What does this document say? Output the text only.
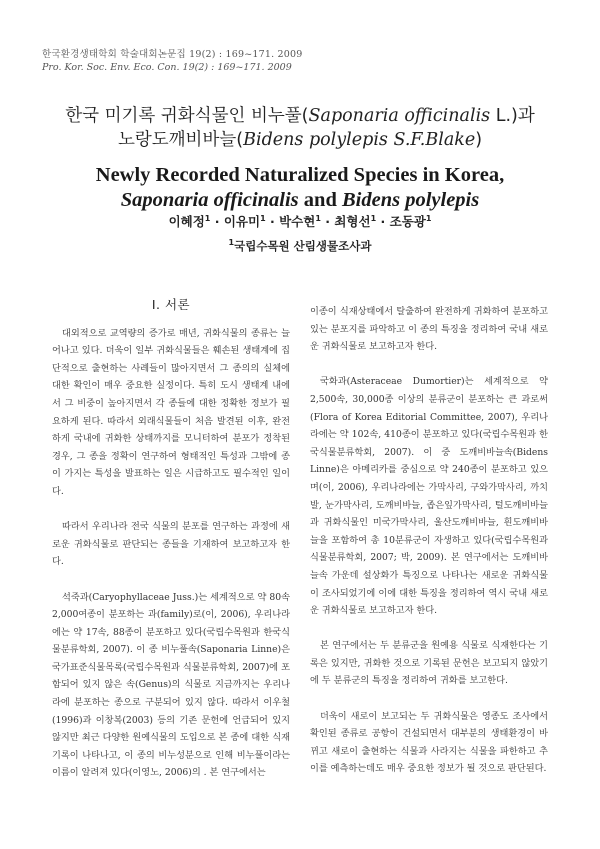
한국환경생태학회 학술대회논문집 19(2) : 169~171. 2009
Pro. Kor. Soc. Env. Eco. Con. 19(2) : 169~171. 2009
한국 미기록 귀화식물인 비누풀(Saponaria officinalis L.)과
노랑도깨비바늘(Bidens polylepis S.F.Blake)
Newly Recorded Naturalized Species in Korea,
Saponaria officinalis and Bidens polylepis
이혜정$^1$ · 이유미$^1$ · 박수현$^1$ · 최형선$^1$ · 조동광$^1$
$^1$국립수목원 산림생물조사과
Ⅰ. 서론

대외적으로 교역량의 증가로 매년, 귀화식물의 종류는 늘어나고 있다. 더욱이 일부 귀화식물들은 훼손된 생태계에 집단적으로 출현하는 사례들이 많아지면서 그 종의의 실체에 대한 확인이 매우 중요한 실정이다. 특히 도시 생태계 내에서 그 비중이 높아지면서 각 종들에 대한 정확한 정보가 필요하게 된다. 따라서 외래식물들이 처음 발견된 이후, 완전하게 국내에 귀화한 상태까지를 모니터하여 분포가 정착된 경우, 그 종을 정확이 연구하여 형태적인 특성과 그밖에 종이 가지는 특성을 발표하는 일은 시급하고도 필수적인 일이다.

따라서 우리나라 전국 식물의 분포를 연구하는 과정에 새로운 귀화식물로 판단되는 종들을 기재하여 보고하고자 한다.

석죽과(Caryophyllaceae Juss.)는 세계적으로 약 80속 2,000여종이 분포하는 과(family)로(이, 2006), 우리나라에는 약 17속, 88종이 분포하고 있다(국립수목원과 한국식물분류학회, 2007). 이 종 비누풀속(Saponaria Linne)은 국가표준식물목록(국립수목원과 식물분류학회, 2007)에 포함되어 있지 않은 속(Genus)의 식물로 지금까지는 우리나라에 분포하는 종으로 구분되어 있지 않다. 따라서 이우철(1996)과 이창복(2003) 등의 기존 문헌에 언급되어 있지 않지만 최근 다양한 원예식물의 도입으로 본 종에 대한 식재기록이 나타나고, 이 종의 비누성분으로 인해 비누풀이라는 이름이 알려져 있다(이영노, 2006)의 . 본 연구에서는

이종이 식재상태에서 탈출하여 완전하게 귀화하여 분포하고 있는 분포지를 파악하고 이 종의 특징을 정리하여 국내 새로운 귀화식물로 보고하고자 한다.

국화과(Asteraceae Dumortier)는 세계적으로 약 2,500속, 30,000종 이상의 분류군이 분포하는 큰 과로써(Flora of Korea Editorial Committee, 2007), 우리나라에는 약 102속, 410종이 분포하고 있다(국립수목원과 한국식물분류학회, 2007). 이 중 도깨비바늘속(Bidens Linne)은 아메리카를 중심으로 약 240종이 분포하고 있으며(이, 2006), 우리나라에는 가막사리, 구와가막사리, 까치발, 눈가막사리, 도깨비바늘, 좁은잎가막사리, 털도깨비바늘과 귀화식물인 미국가막사리, 울산도깨비바늘, 흰도깨비바늘을 포함하여 총 10분류군이 자생하고 있다(국립수목원과 식물분류학회, 2007; 박, 2009). 본 연구에서는 도깨비바늘속 가운데 설상화가 특징으로 나타나는 새로운 귀화식물이 조사되었기에 이에 대한 특징을 정리하여 역시 국내 새로운 귀화식물로 보고하고자 한다.

본 연구에서는 두 분류군을 원예용 식물로 식재한다는 기록은 있지만, 귀화한 것으로 기록된 문헌은 보고되지 않았기에 두 분류군의 특징을 정리하여 귀화를 보고한다.

더욱이 새로이 보고되는 두 귀화식물은 영종도 조사에서 확인된 종류로 공항이 건설되면서 대부분의 생태환경이 바뀌고 새로이 출현하는 식물과 사라지는 식물을 파한하고 추이를 예측하는데도 매우 중요한 정보가 될 것으로 판단된다.
